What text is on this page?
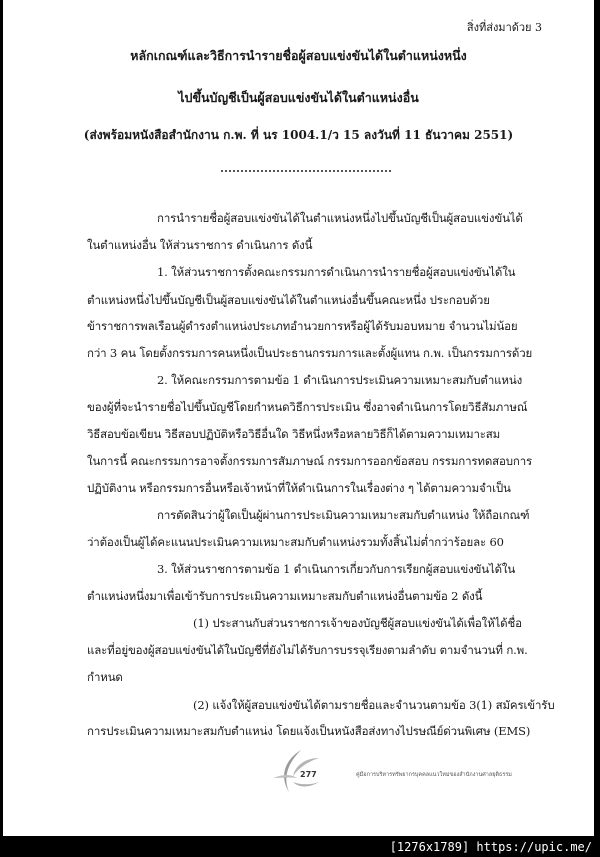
สิ่งที่ส่งมาด้วย 3
หลักเกณฑ์และวิธีการนำรายชื่อผู้สอบแข่งขันได้ในตำแหน่งหนึ่ง
ไปขึ้นบัญชีเป็นผู้สอบแข่งขันได้ในตำแหน่งอื่น
(ส่งพร้อมหนังสือสำนักงาน ก.พ. ที่ นร 1004.1/ว 15 ลงวันที่ 11 ธันวาคม 2551)
การนำรายชื่อผู้สอบแข่งขันได้ในตำแหน่งหนึ่งไปขึ้นบัญชีเป็นผู้สอบแข่งขันได้
ในตำแหน่งอื่น ให้ส่วนราชการ ดำเนินการ ดังนี้
1. ให้ส่วนราชการตั้งคณะกรรมการดำเนินการนำรายชื่อผู้สอบแข่งขันได้ใน
ตำแหน่งหนึ่งไปขึ้นบัญชีเป็นผู้สอบแข่งขันได้ในตำแหน่งอื่นขึ้นคณะหนึ่ง ประกอบด้วย
ข้าราชการพลเรือนผู้ดำรงตำแหน่งประเภทอำนวยการหรือผู้ได้รับมอบหมาย จำนวนไม่น้อย
กว่า 3 คน โดยตั้งกรรมการคนหนึ่งเป็นประธานกรรมการและตั้งผู้แทน ก.พ. เป็นกรรมการด้วย
2. ให้คณะกรรมการตามข้อ 1 ดำเนินการประเมินความเหมาะสมกับตำแหน่ง
ของผู้ที่จะนำรายชื่อไปขึ้นบัญชีโดยกำหนดวิธีการประเมิน ซึ่งอาจดำเนินการโดยวิธีสัมภาษณ์
วิธีสอบข้อเขียน วิธีสอบปฏิบัติหรือวิธีอื่นใด วิธีหนึ่งหรือหลายวิธีก็ได้ตามความเหมาะสม
ในการนี้ คณะกรรมการอาจตั้งกรรมการสัมภาษณ์ กรรมการออกข้อสอบ กรรมการทดสอบการ
ปฏิบัติงาน หรือกรรมการอื่นหรือเจ้าหน้าที่ให้ดำเนินการในเรื่องต่าง ๆ ได้ตามความจำเป็น
การตัดสินว่าผู้ใดเป็นผู้ผ่านการประเมินความเหมาะสมกับตำแหน่ง ให้ถือเกณฑ์
ว่าต้องเป็นผู้ได้คะแนนประเมินความเหมาะสมกับตำแหน่งรวมทั้งสิ้นไม่ต่ำกว่าร้อยละ 60
3. ให้ส่วนราชการตามข้อ 1 ดำเนินการเกี่ยวกับการเรียกผู้สอบแข่งขันได้ใน
ตำแหน่งหนึ่งมาเพื่อเข้ารับการประเมินความเหมาะสมกับตำแหน่งอื่นตามข้อ 2 ดังนี้
(1) ประสานกับส่วนราชการเจ้าของบัญชีผู้สอบแข่งขันได้เพื่อให้ได้ชื่อ
และที่อยู่ของผู้สอบแข่งขันได้ในบัญชีที่ยังไม่ได้รับการบรรจุเรียงตามลำดับ ตามจำนวนที่ ก.พ.
กำหนด
(2) แจ้งให้ผู้สอบแข่งขันได้ตามรายชื่อและจำนวนตามข้อ 3(1) สมัครเข้ารับ
การประเมินความเหมาะสมกับตำแหน่ง โดยแจ้งเป็นหนังสือส่งทางไปรษณีย์ด่วนพิเศษ (EMS)
277	คู่มือการบริหารทรัพยากรบุคคลแนวใหม่ของสำนักงานศาลยุติธรรม
[1276x1789] https://upic.me/
